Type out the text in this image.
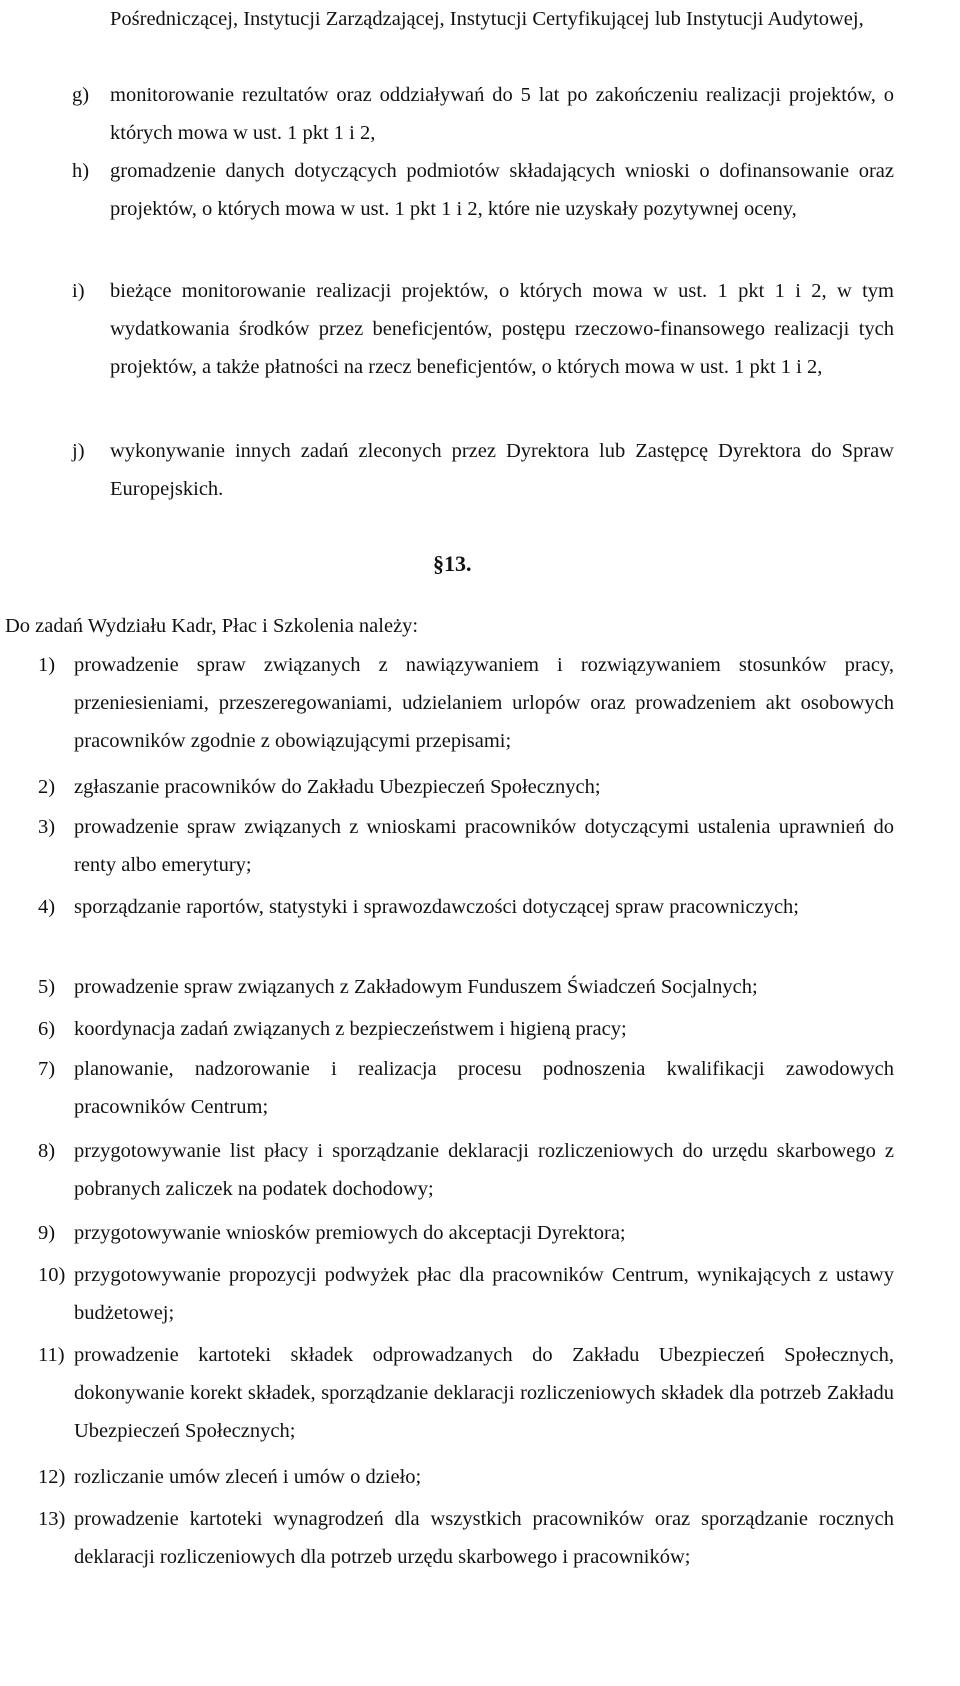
Pośredniczącej, Instytucji Zarządzającej, Instytucji Certyfikującej lub Instytucji Audytowej,
g)	monitorowanie rezultatów oraz oddziaływań do 5 lat po zakończeniu realizacji projektów, o których mowa w ust. 1 pkt 1 i 2,
h)	gromadzenie danych dotyczących podmiotów składających wnioski o dofinansowanie oraz projektów, o których mowa w ust. 1 pkt 1 i 2, które nie uzyskały pozytywnej oceny,
i)	bieżące monitorowanie realizacji projektów, o których mowa w ust. 1 pkt 1 i 2, w tym wydatkowania środków przez beneficjentów, postępu rzeczowo-finansowego realizacji tych projektów, a także płatności na rzecz beneficjentów, o których mowa w ust. 1 pkt 1 i 2,
j)	wykonywanie innych zadań zleconych przez Dyrektora lub Zastępcę Dyrektora do Spraw Europejskich.
§13.
Do zadań Wydziału Kadr, Płac i Szkolenia należy:
1) prowadzenie spraw związanych z nawiązywaniem i rozwiązywaniem stosunków pracy, przeniesieniami, przeszeregowaniami, udzielaniem urlopów oraz prowadzeniem akt osobowych pracowników zgodnie z obowiązującymi przepisami;
2) zgłaszanie pracowników do Zakładu Ubezpieczeń Społecznych;
3) prowadzenie spraw związanych z wnioskami pracowników dotyczącymi ustalenia uprawnień do renty albo emerytury;
4) sporządzanie raportów, statystyki i sprawozdawczości dotyczącej spraw pracowniczych;
5) prowadzenie spraw związanych z Zakładowym Funduszem Świadczeń Socjalnych;
6) koordynacja zadań związanych z bezpieczeństwem i higieną pracy;
7) planowanie, nadzorowanie i realizacja procesu podnoszenia kwalifikacji zawodowych pracowników Centrum;
8) przygotowywanie list płacy i sporządzanie deklaracji rozliczeniowych do urzędu skarbowego z pobranych zaliczek na podatek dochodowy;
9) przygotowywanie wniosków premiowych do akceptacji Dyrektora;
10) przygotowywanie propozycji podwyżek płac dla pracowników Centrum, wynikających z ustawy budżetowej;
11) prowadzenie kartoteki składek odprowadzanych do Zakładu Ubezpieczeń Społecznych, dokonywanie korekt składek, sporządzanie deklaracji rozliczeniowych składek dla potrzeb Zakładu Ubezpieczeń Społecznych;
12) rozliczanie umów zleceń i umów o dzieło;
13) prowadzenie kartoteki wynagrodzeń dla wszystkich pracowników oraz sporządzanie rocznych deklaracji rozliczeniowych dla potrzeb urzędu skarbowego i pracowników;
